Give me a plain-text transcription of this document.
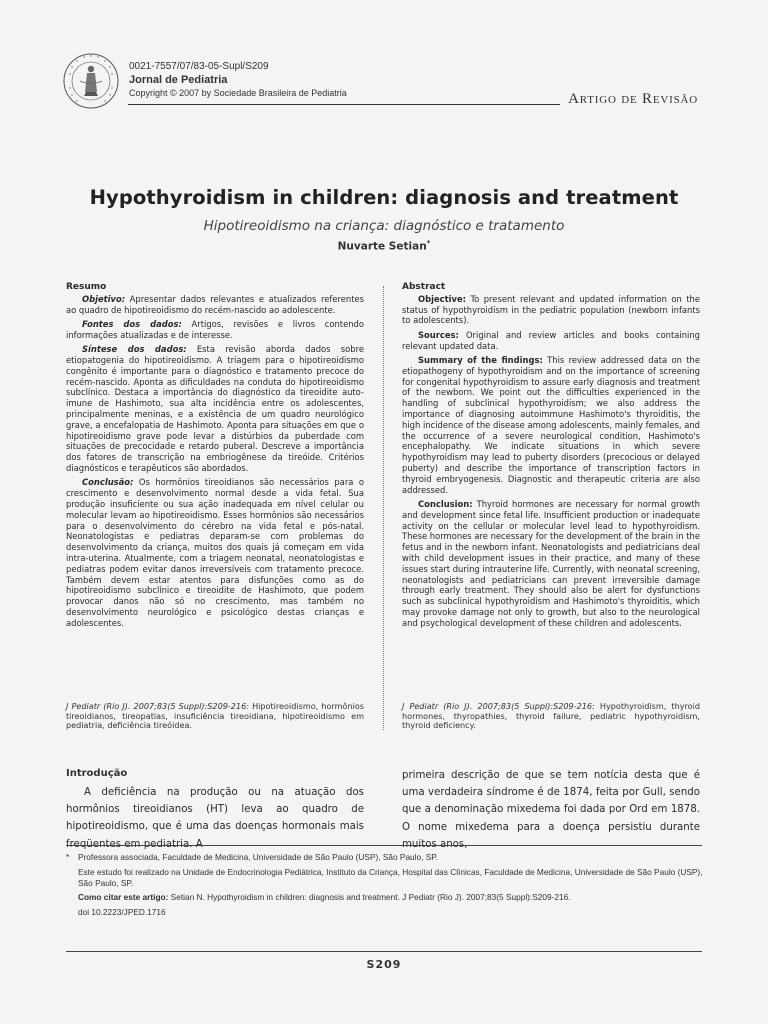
0021-7557/07/83-05-Supl/S209
Jornal de Pediatria
Copyright © 2007 by Sociedade Brasileira de Pediatria	Artigo de Revisão
Hypothyroidism in children: diagnosis and treatment
Hipotireoidismo na criança: diagnóstico e tratamento
Nuvarte Setian*
Resumo

Objetivo: Apresentar dados relevantes e atualizados referentes ao quadro de hipotireoidismo do recém-nascido ao adolescente.

Fontes dos dados: Artigos, revisões e livros contendo informações atualizadas e de interesse.

Síntese dos dados: Esta revisão aborda dados sobre etiopatogenia do hipotireoidismo. A triagem para o hipotireoidismo congênito é importante para o diagnóstico e tratamento precoce do recém-nascido. Aponta as dificuldades na conduta do hipotireoidismo subclínico. Destaca a importância do diagnóstico da tireoidite auto-imune de Hashimoto, sua alta incidência entre os adolescentes, principalmente meninas, e a existência de um quadro neurológico grave, a encefalopatia de Hashimoto. Aponta para situações em que o hipotireoidismo grave pode levar a distúrbios da puberdade com situações de precocidade e retardo puberal. Descreve a importância dos fatores de transcrição na embriogênese da tireóide. Critérios diagnósticos e terapêuticos são abordados.

Conclusão: Os hormônios tireoidianos são necessários para o crescimento e desenvolvimento normal desde a vida fetal. Sua produção insuficiente ou sua ação inadequada em nível celular ou molecular levam ao hipotireoidismo. Esses hormônios são necessários para o desenvolvimento do cérebro na vida fetal e pós-natal. Neonatologistas e pediatras deparam-se com problemas do desenvolvimento da criança, muitos dos quais já começam em vida intra-uterina. Atualmente, com a triagem neonatal, neonatologistas e pediatras podem evitar danos irreversíveis com tratamento precoce. Também devem estar atentos para disfunções como as do hipotireoidismo subclínico e tireoidite de Hashimoto, que podem provocar danos não só no crescimento, mas também no desenvolvimento neurológico e psicológico destas crianças e adolescentes.

Abstract

Objective: To present relevant and updated information on the status of hypothyroidism in the pediatric population (newborn infants to adolescents).

Sources: Original and review articles and books containing relevant updated data.

Summary of the findings: This review addressed data on the etiopathogeny of hypothyroidism and on the importance of screening for congenital hypothyroidism to assure early diagnosis and treatment of the newborn. We point out the difficulties experienced in the handling of subclinical hypothyroidism; we also address the importance of diagnosing autoimmune Hashimoto's thyroiditis, the high incidence of the disease among adolescents, mainly females, and the occurrence of a severe neurological condition, Hashimoto's encephalopathy. We indicate situations in which severe hypothyroidism may lead to puberty disorders (precocious or delayed puberty) and describe the importance of transcription factors in thyroid embryogenesis. Diagnostic and therapeutic criteria are also addressed.

Conclusion: Thyroid hormones are necessary for normal growth and development since fetal life. Insufficient production or inadequate activity on the cellular or molecular level lead to hypothyroidism. These hormones are necessary for the development of the brain in the fetus and in the newborn infant. Neonatologists and pediatricians deal with child development issues in their practice, and many of these issues start during intrauterine life. Currently, with neonatal screening, neonatologists and pediatricians can prevent irreversible damage through early treatment. They should also be alert for dysfunctions such as subclinical hypothyroidism and Hashimoto's thyroiditis, which may provoke damage not only to growth, but also to the neurological and psychological development of these children and adolescents.

J Pediatr (Rio J). 2007;83(5 Suppl):S209-216: Hipotireoidismo, hormônios tireoidianos, tireopatias, insuficiência tireoidiana, hipotireoidismo em pediatria, deficiência tireóidea.

J Pediatr (Rio J). 2007;83(5 Suppl):S209-216: Hypothyroidism, thyroid hormones, thyropathies, thyroid failure, pediatric hypothyroidism, thyroid deficiency.

Introdução

A deficiência na produção ou na atuação dos hormônios tireoidianos (HT) leva ao quadro de hipotireoidismo, que é uma das doenças hormonais mais freqüentes em pediatria. A

primeira descrição de que se tem notícia desta que é uma verdadeira síndrome é de 1874, feita por Gull, sendo que a denominação mixedema foi dada por Ord em 1878. O nome mixedema para a doença persistiu durante muitos anos,

* Professora associada, Faculdade de Medicina, Universidade de São Paulo (USP), São Paulo, SP.
Este estudo foi realizado na Unidade de Endocrinologia Pediátrica, Instituto da Criança, Hospital das Clínicas, Faculdade de Medicina, Universidade de São Paulo (USP), São Paulo, SP.
Como citar este artigo: Setian N. Hypothyroidism in children: diagnosis and treatment. J Pediatr (Rio J). 2007;83(5 Suppl):S209-216.
doi 10.2223/JPED.1716
S209
